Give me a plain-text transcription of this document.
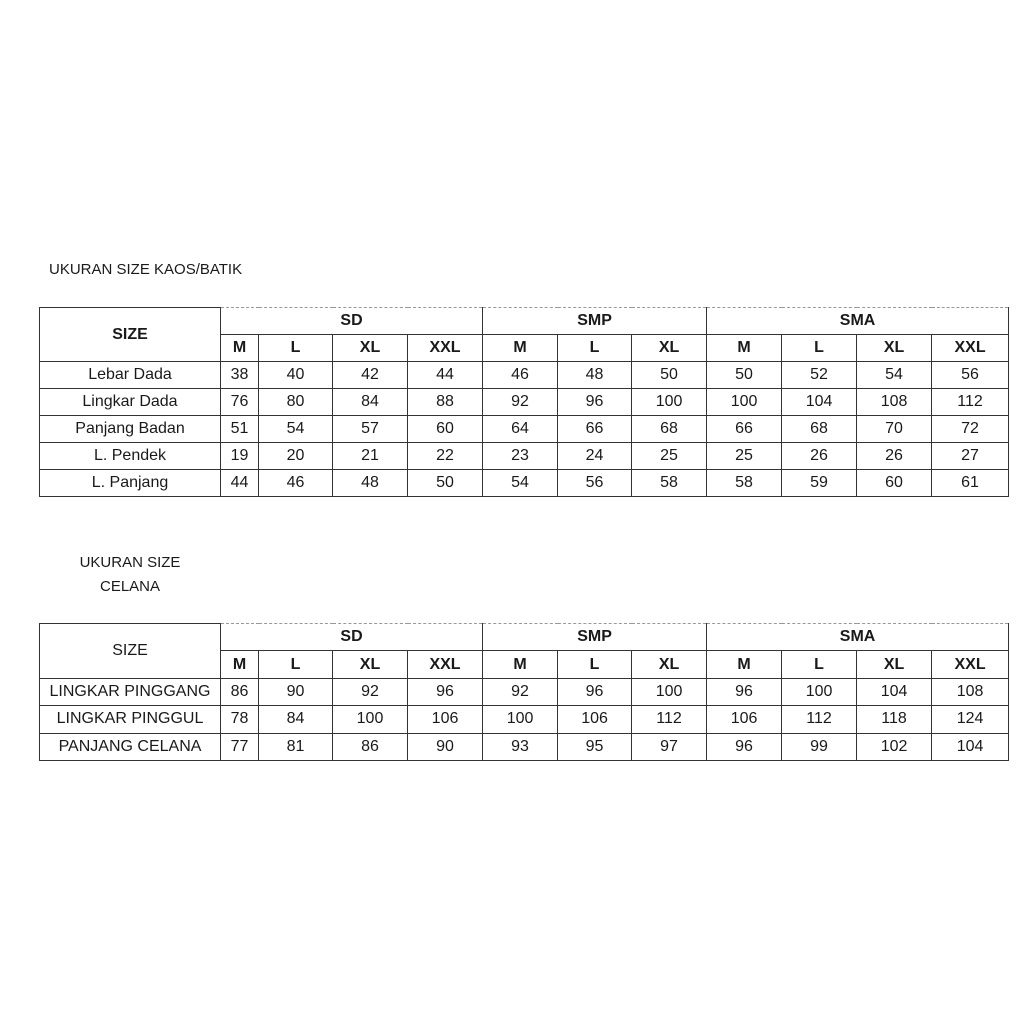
UKURAN SIZE KAOS/BATIK

SIZE	SD				SMP			SMA			
	M	L	XL	XXL	M	L	XL	M	L	XL	XXL
Lebar Dada	38	40	42	44	46	48	50	50	52	54	56
Lingkar Dada	76	80	84	88	92	96	100	100	104	108	112
Panjang Badan	51	54	57	60	64	66	68	66	68	70	72
L. Pendek	19	20	21	22	23	24	25	25	26	26	27
L. Panjang	44	46	48	50	54	56	58	58	59	60	61

UKURAN SIZE
CELANA

SIZE	SD				SMP			SMA			
	M	L	XL	XXL	M	L	XL	M	L	XL	XXL
LINGKAR PINGGANG	86	90	92	96	92	96	100	96	100	104	108
LINGKAR PINGGUL	78	84	100	106	100	106	112	106	112	118	124
PANJANG CELANA	77	81	86	90	93	95	97	96	99	102	104
